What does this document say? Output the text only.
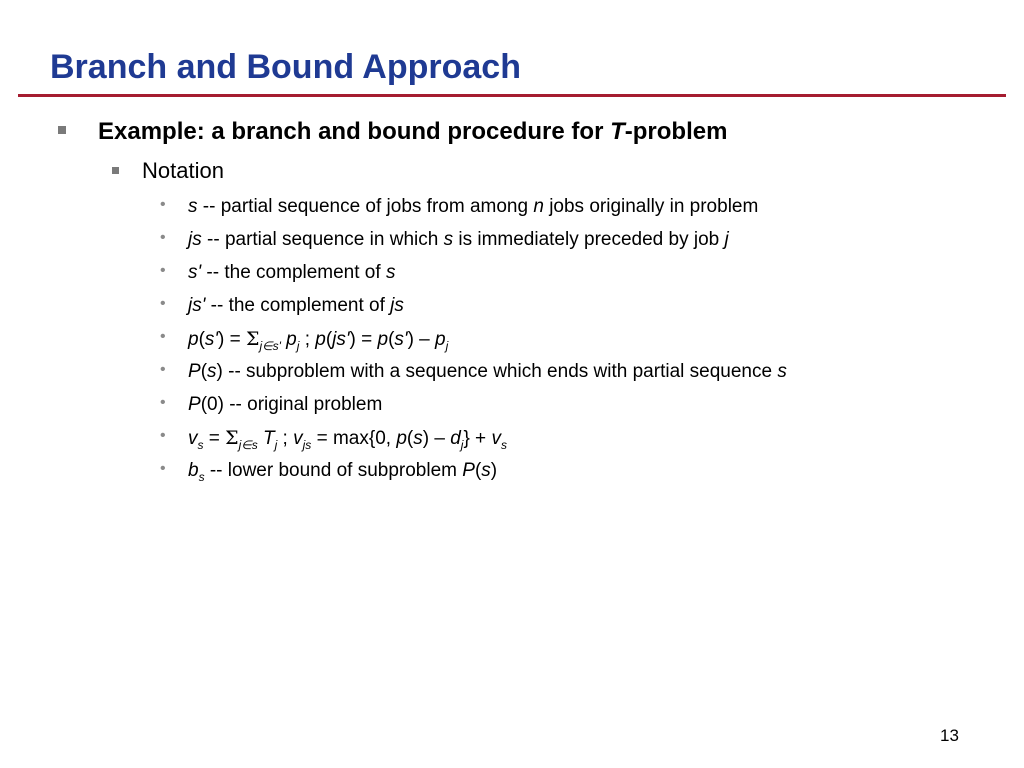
Branch and Bound Approach
Example: a branch and bound procedure for T-problem
Notation
• s -- partial sequence of jobs from among n jobs originally in problem
• js -- partial sequence in which s is immediately preceded by job j
• s' -- the complement of s
• js' -- the complement of js
• $p(s') = \Sigma_{j\in s'}$ $p_j$ ; $p(js') = p(s') - p_j$
• P(s) -- subproblem with a sequence which ends with partial sequence s
• P(0) -- original problem
• $v_s = \Sigma_{j\in s}$ $T_j$ ; $v_{js} = \max\{0$, $p(s) - d_j\} + v_s$
• $b_s$ -- lower bound of subproblem P(s)
13
